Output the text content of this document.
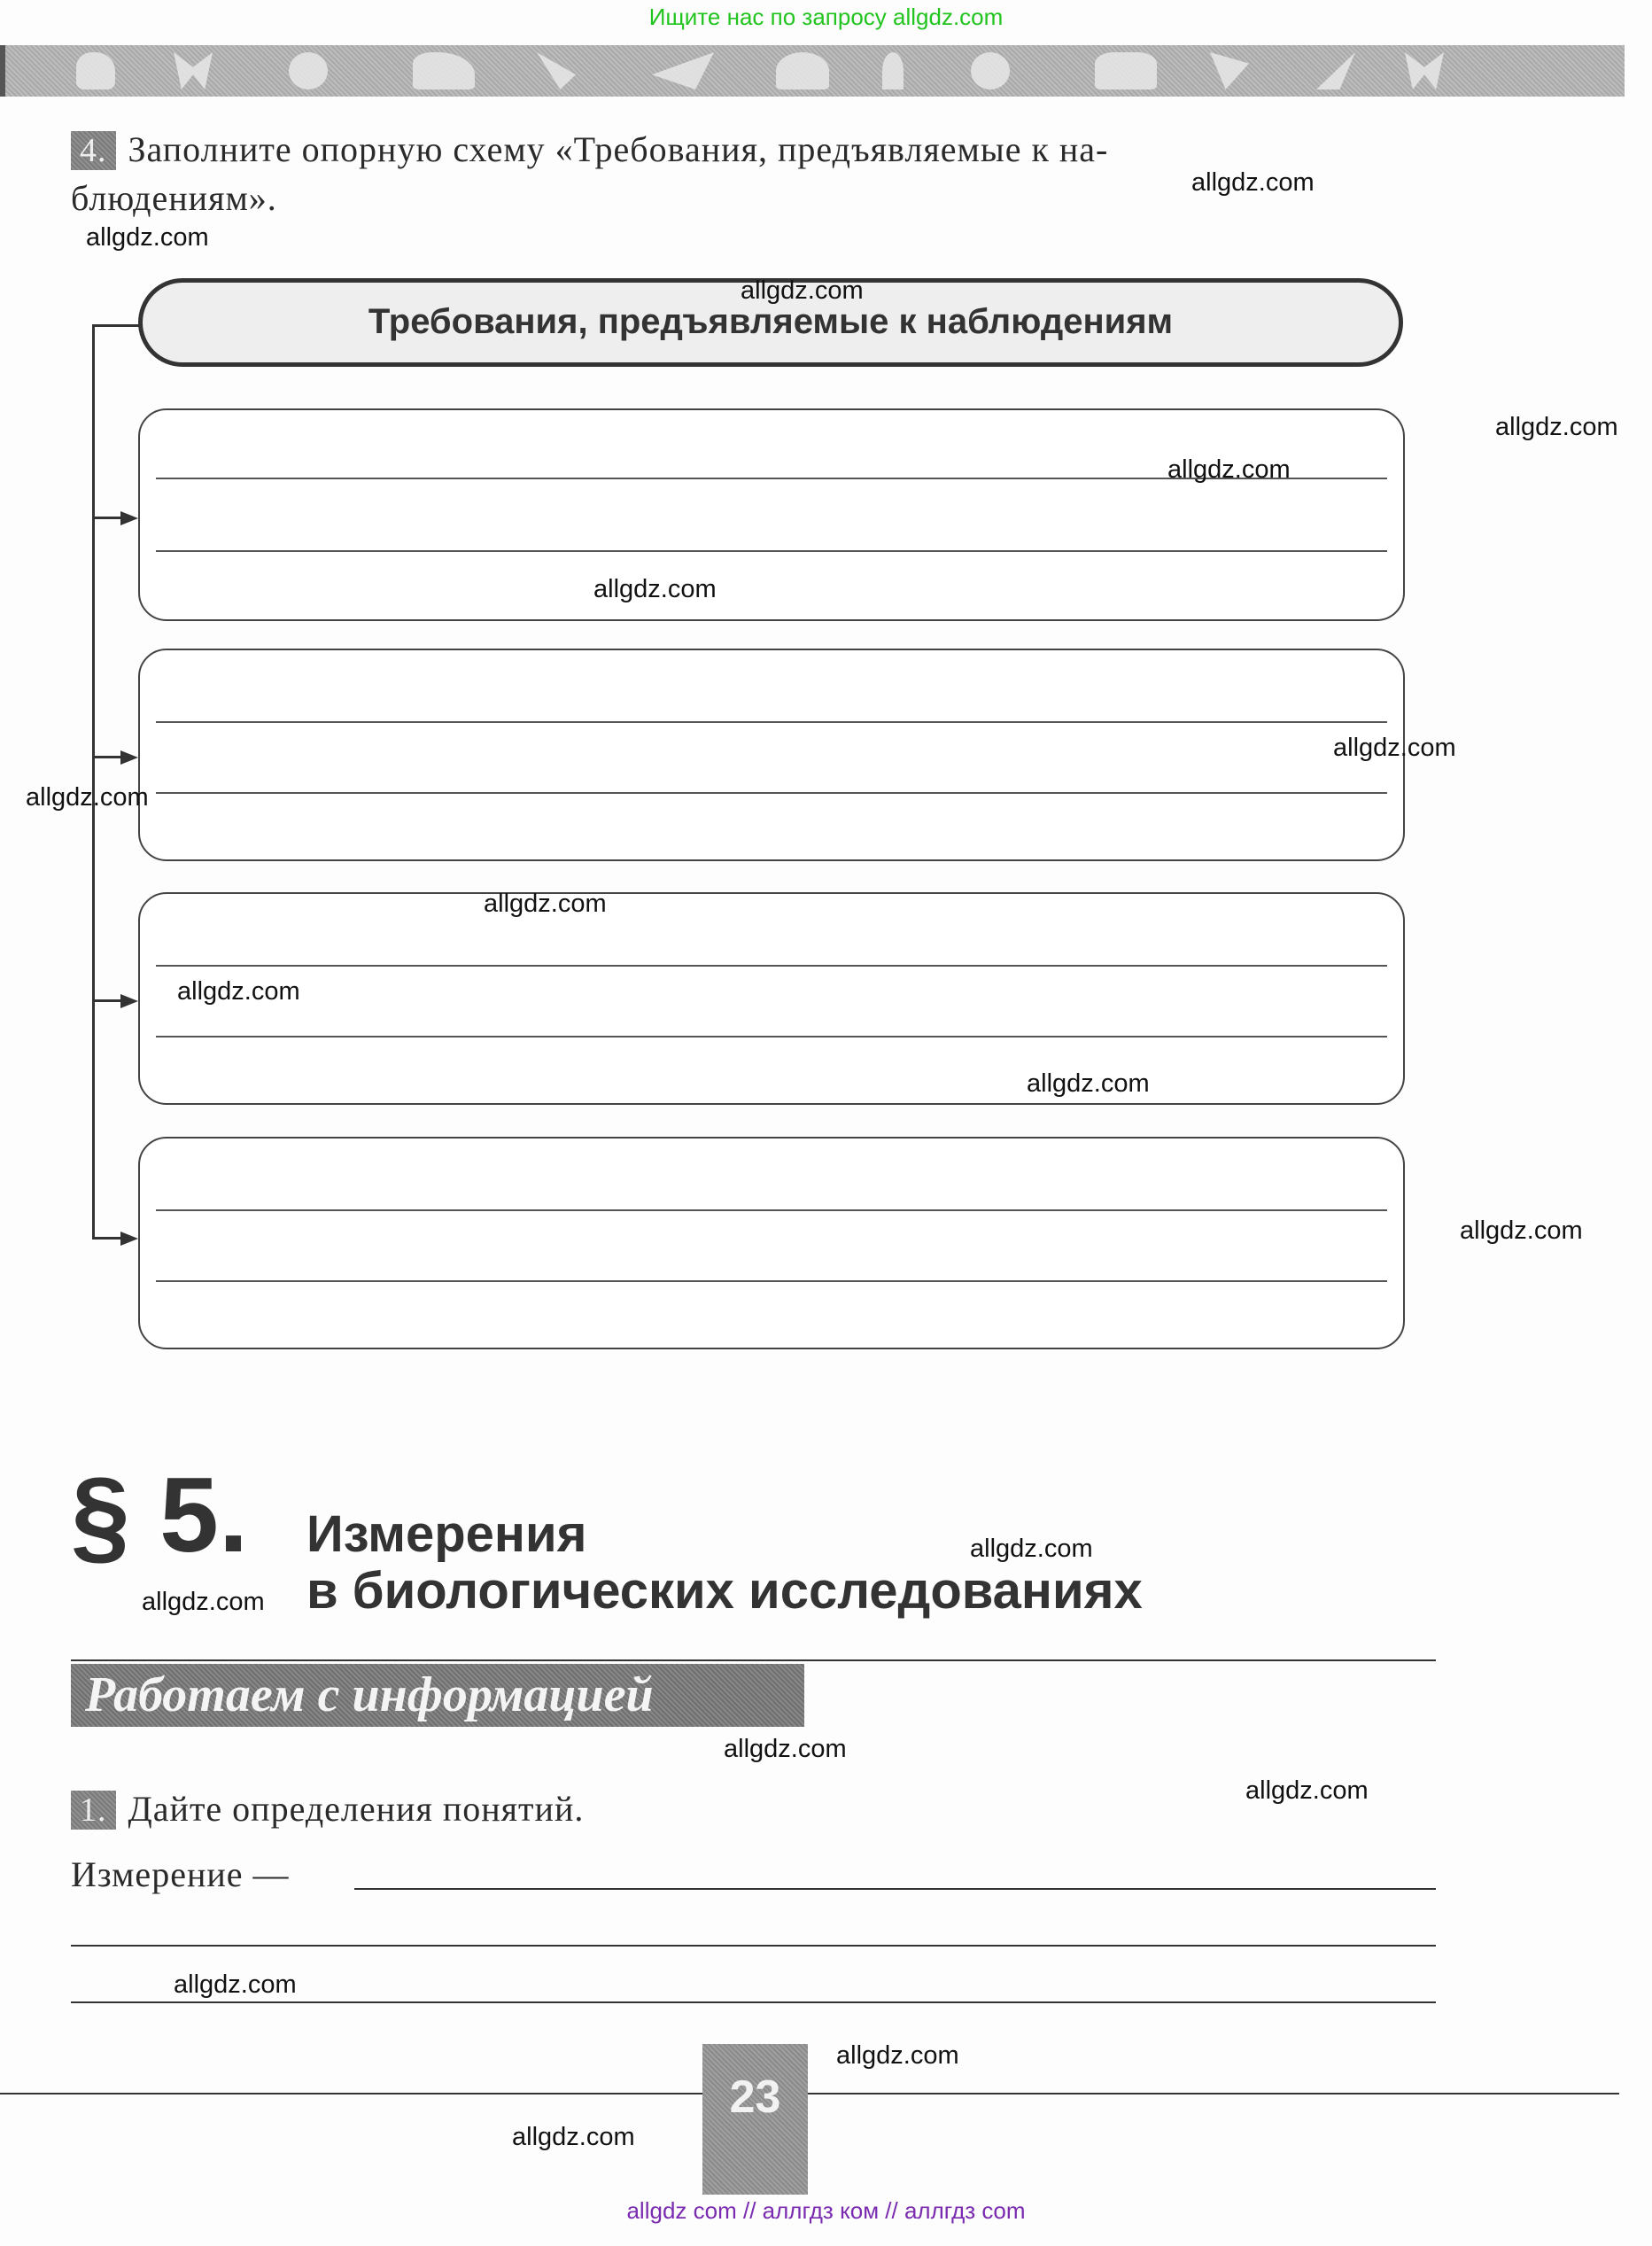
Ищите нас по запросу allgdz.com
4. Заполните опорную схему «Требования, предъявляемые к на-
блюдениям».
Требования, предъявляемые к наблюдениям
§ 5. Измерения
в биологических исследованиях
Работаем с информацией
1. Дайте определения понятий.
Измерение —
23
allgdz.com
allgdz.com
allgdz.com
allgdz.com
allgdz.com
allgdz.com
allgdz.com
allgdz.com
allgdz.com
allgdz.com
allgdz.com
allgdz.com
allgdz.com
allgdz.com
allgdz.com
allgdz.com
allgdz.com
allgdz.com
allgdz.com
allgdz com // аллгдз ком // аллгдз com
